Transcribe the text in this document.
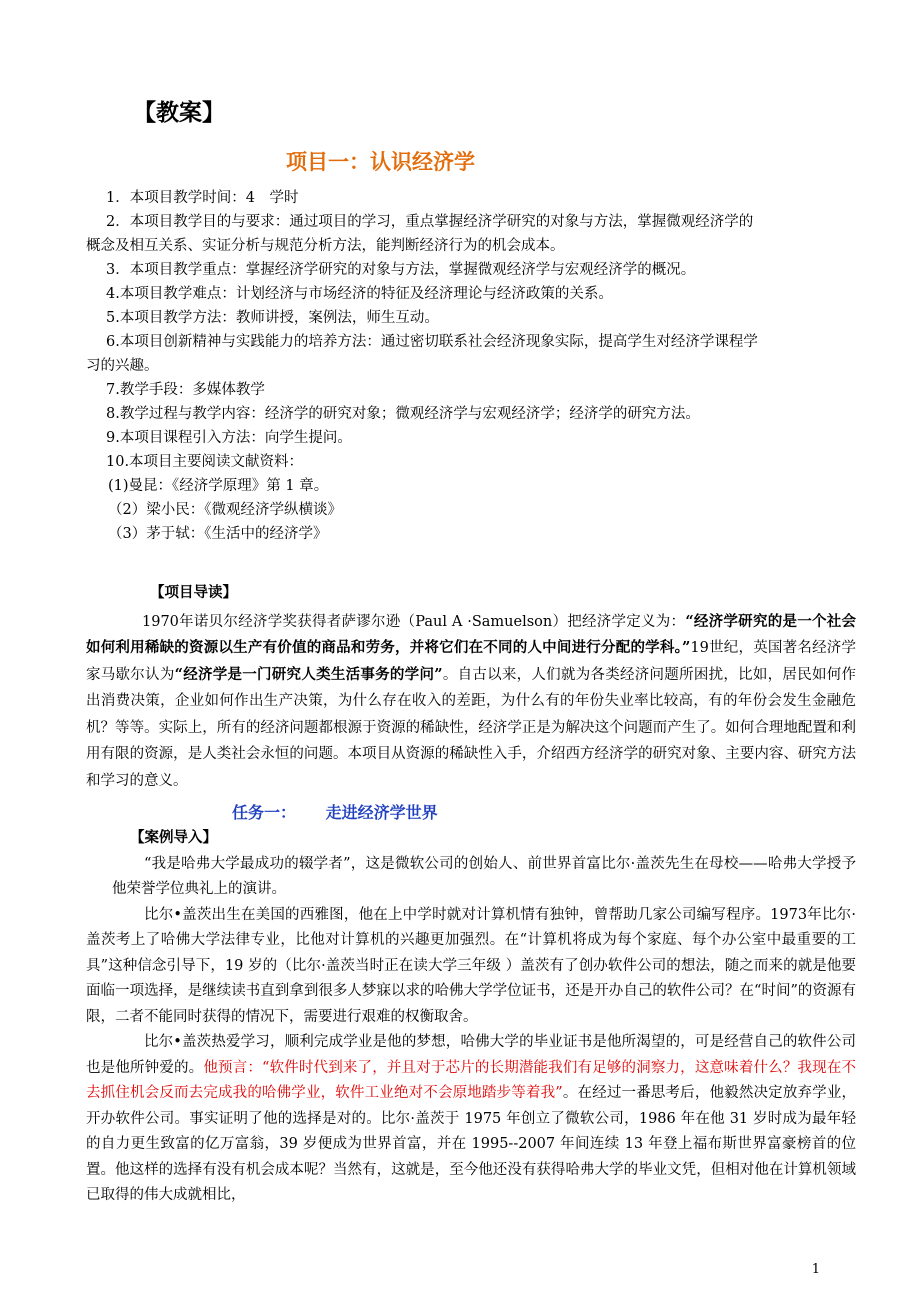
【教案】
项目一：认识经济学
1．本项目教学时间：4　学时
2．本项目教学目的与要求：通过项目的学习，重点掌握经济学研究的对象与方法，掌握微观经济学的
概念及相互关系、实证分析与规范分析方法，能判断经济行为的机会成本。
3．本项目教学重点：掌握经济学研究的对象与方法，掌握微观经济学与宏观经济学的概况。
4.本项目教学难点：计划经济与市场经济的特征及经济理论与经济政策的关系。
5.本项目教学方法：教师讲授，案例法，师生互动。
6.本项目创新精神与实践能力的培养方法：通过密切联系社会经济现象实际，提高学生对经济学课程学
习的兴趣。
7.教学手段：多媒体教学
8.教学过程与教学内容：经济学的研究对象；微观经济学与宏观经济学；经济学的研究方法。
9.本项目课程引入方法：向学生提问。
10.本项目主要阅读文献资料：
(1)曼昆：《经济学原理》第 1 章。
（2）梁小民：《微观经济学纵横谈》
（3）茅于轼：《生活中的经济学》
【项目导读】
1970年诺贝尔经济学奖获得者萨谬尔逊（Paul A ·Samuelson）把经济学定义为：“经济学研究的是一个社会如何利用稀缺的资源以生产有价值的商品和劳务，并将它们在不同的人中间进行分配的学科。”19世纪，英国著名经济学家马歇尔认为“经济学是一门研究人类生活事务的学问”。自古以来，人们就为各类经济问题所困扰，比如，居民如何作出消费决策，企业如何作出生产决策，为什么存在收入的差距，为什么有的年份失业率比较高，有的年份会发生金融危机？等等。实际上，所有的经济问题都根源于资源的稀缺性，经济学正是为解决这个问题而产生了。如何合理地配置和利用有限的资源，是人类社会永恒的问题。本项目从资源的稀缺性入手，介绍西方经济学的研究对象、主要内容、研究方法和学习的意义。
任务一： 走进经济学世界
【案例导入】

“我是哈弗大学最成功的辍学者”，这是微软公司的创始人、前世界首富比尔·盖茨先生在母校——哈弗大学授予他荣誉学位典礼上的演讲。

比尔•盖茨出生在美国的西雅图，他在上中学时就对计算机情有独钟，曾帮助几家公司编写程序。1973年比尔·盖茨考上了哈佛大学法律专业，比他对计算机的兴趣更加强烈。在“计算机将成为每个家庭、每个办公室中最重要的工具”这种信念引导下，19 岁的（比尔·盖茨当时正在读大学三年级 ）盖茨有了创办软件公司的想法，随之而来的就是他要面临一项选择，是继续读书直到拿到很多人梦寐以求的哈佛大学学位证书，还是开办自己的软件公司？在“时间”的资源有限，二者不能同时获得的情况下，需要进行艰难的权衡取舍。

比尔•盖茨热爱学习，顺利完成学业是他的梦想，哈佛大学的毕业证书是他所渴望的，可是经营自己的软件公司也是他所钟爱的。他预言：“软件时代到来了，并且对于芯片的长期潜能我们有足够的洞察力，这意味着什么？我现在不去抓住机会反而去完成我的哈佛学业，软件工业绝对不会原地踏步等着我”。在经过一番思考后，他毅然决定放弃学业，开办软件公司。事实证明了他的选择是对的。比尔·盖茨于 1975 年创立了微软公司，1986 年在他 31 岁时成为最年轻的自力更生致富的亿万富翁，39 岁便成为世界首富，并在 1995--2007 年间连续 13 年登上福布斯世界富豪榜首的位置。他这样的选择有没有机会成本呢？当然有，这就是，至今他还没有获得哈弗大学的毕业文凭，但相对他在计算机领域已取得的伟大成就相比，

1
